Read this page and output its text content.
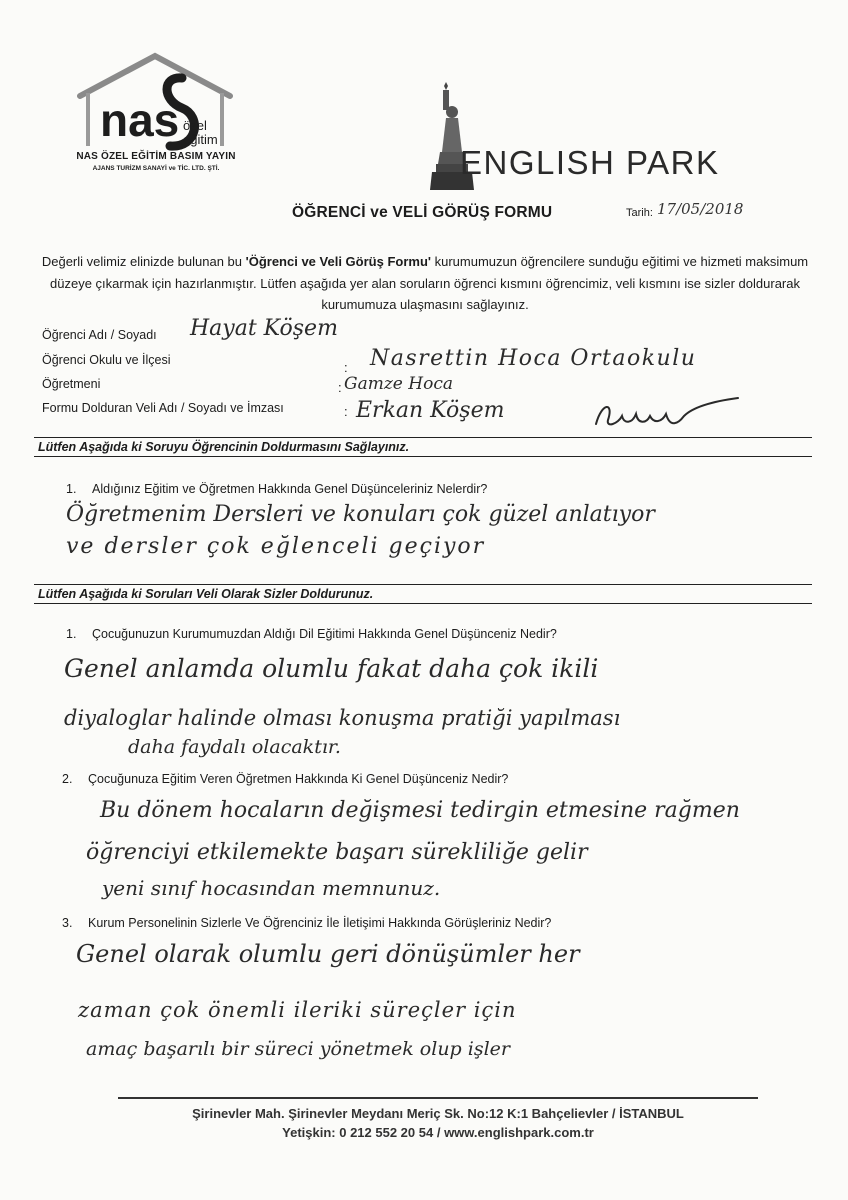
nas özel
eğitim
NAS ÖZEL EĞİTİM BASIM YAYIN
AJANS TURİZM SANAYİ ve TİC. LTD. ŞTİ.	ENGLISH PARK
ÖĞRENCİ ve VELİ GÖRÜŞ FORMU	Tarih: 17/05/2018
Değerli velimiz elinizde bulunan bu 'Öğrenci ve Veli Görüş Formu' kurumumuzun öğrencilere sunduğu eğitimi ve hizmeti maksimum düzeye çıkarmak için hazırlanmıştır. Lütfen aşağıda yer alan soruların öğrenci kısmını öğrencimiz, veli kısmını ise sizler doldurarak kurumumuza ulaşmasını sağlayınız.
Öğrenci Adı / Soyadı Hayat Köşem
Öğrenci Okulu ve İlçesi	: Nasrettin Hoca Ortaokulu
Öğretmeni	: Gamze Hoca
Formu Dolduran Veli Adı / Soyadı ve İmzası	: Erkan Köşem
Lütfen Aşağıda ki Soruyu Öğrencinin Doldurmasını Sağlayınız.
1. Aldığınız Eğitim ve Öğretmen Hakkında Genel Düşünceleriniz Nelerdir?
Öğretmenim Dersleri ve konuları çok güzel anlatıyor
ve dersler çok eğlenceli geçiyor
Lütfen Aşağıda ki Soruları Veli Olarak Sizler Doldurunuz.
1. Çocuğunuzun Kurumumuzdan Aldığı Dil Eğitimi Hakkında Genel Düşünceniz Nedir?
Genel anlamda olumlu fakat daha çok ikili
diyaloglar halinde olması konuşma pratiği yapılması
daha faydalı olacaktır.
2. Çocuğunuza Eğitim Veren Öğretmen Hakkında Ki Genel Düşünceniz Nedir?
Bu dönem hocaların değişmesi tedirgin etmesine rağmen
öğrenciyi etkilemekte başarı sürekliliğe gelir
yeni sınıf hocasından memnunuz.
3. Kurum Personelinin Sizlerle Ve Öğrenciniz İle İletişimi Hakkında Görüşleriniz Nedir?
Genel olarak olumlu geri dönüşümler her
zaman çok önemli ileriki süreçler için
amaç başarılı bir süreci yönetmek olup işler
Şirinevler Mah. Şirinevler Meydanı Meriç Sk. No:12 K:1 Bahçelievler / İSTANBUL
Yetişkin: 0 212 552 20 54 / www.englishpark.com.tr
